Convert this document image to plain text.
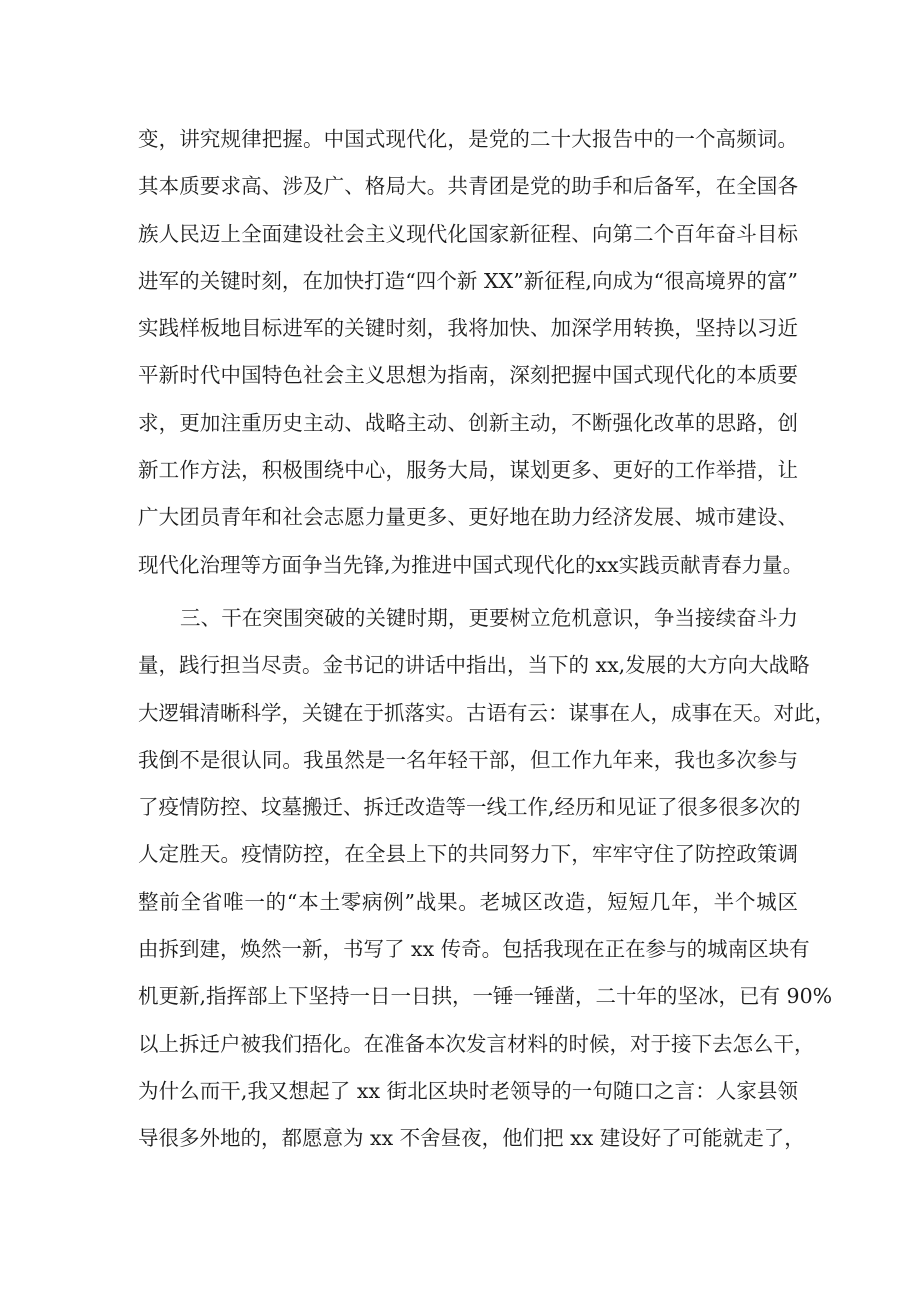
变，讲究规律把握。中国式现代化，是党的二十大报告中的一个高频词。
其本质要求高、涉及广、格局大。共青团是党的助手和后备军，在全国各
族人民迈上全面建设社会主义现代化国家新征程、向第二个百年奋斗目标
进军的关键时刻，在加快打造“四个新 XX”新征程,向成为“很高境界的富”
实践样板地目标进军的关键时刻，我将加快、加深学用转换，坚持以习近
平新时代中国特色社会主义思想为指南，深刻把握中国式现代化的本质要
求，更加注重历史主动、战略主动、创新主动，不断强化改革的思路，创
新工作方法，积极围绕中心，服务大局，谋划更多、更好的工作举措，让
广大团员青年和社会志愿力量更多、更好地在助力经济发展、城市建设、
现代化治理等方面争当先锋,为推进中国式现代化的xx实践贡献青春力量。
三、干在突围突破的关键时期，更要树立危机意识，争当接续奋斗力
量，践行担当尽责。金书记的讲话中指出，当下的 xx,发展的大方向大战略
大逻辑清晰科学，关键在于抓落实。古语有云：谋事在人，成事在天。对此，
我倒不是很认同。我虽然是一名年轻干部，但工作九年来，我也多次参与
了疫情防控、坟墓搬迁、拆迁改造等一线工作,经历和见证了很多很多次的
人定胜天。疫情防控，在全县上下的共同努力下，牢牢守住了防控政策调
整前全省唯一的“本土零病例”战果。老城区改造，短短几年，半个城区
由拆到建，焕然一新，书写了 xx 传奇。包括我现在正在参与的城南区块有
机更新,指挥部上下坚持一日一日拱，一锤一锤凿，二十年的坚冰，已有 90%
以上拆迁户被我们捂化。在准备本次发言材料的时候，对于接下去怎么干，
为什么而干,我又想起了 xx 街北区块时老领导的一句随口之言：人家县领
导很多外地的，都愿意为 xx 不舍昼夜，他们把 xx 建设好了可能就走了，
